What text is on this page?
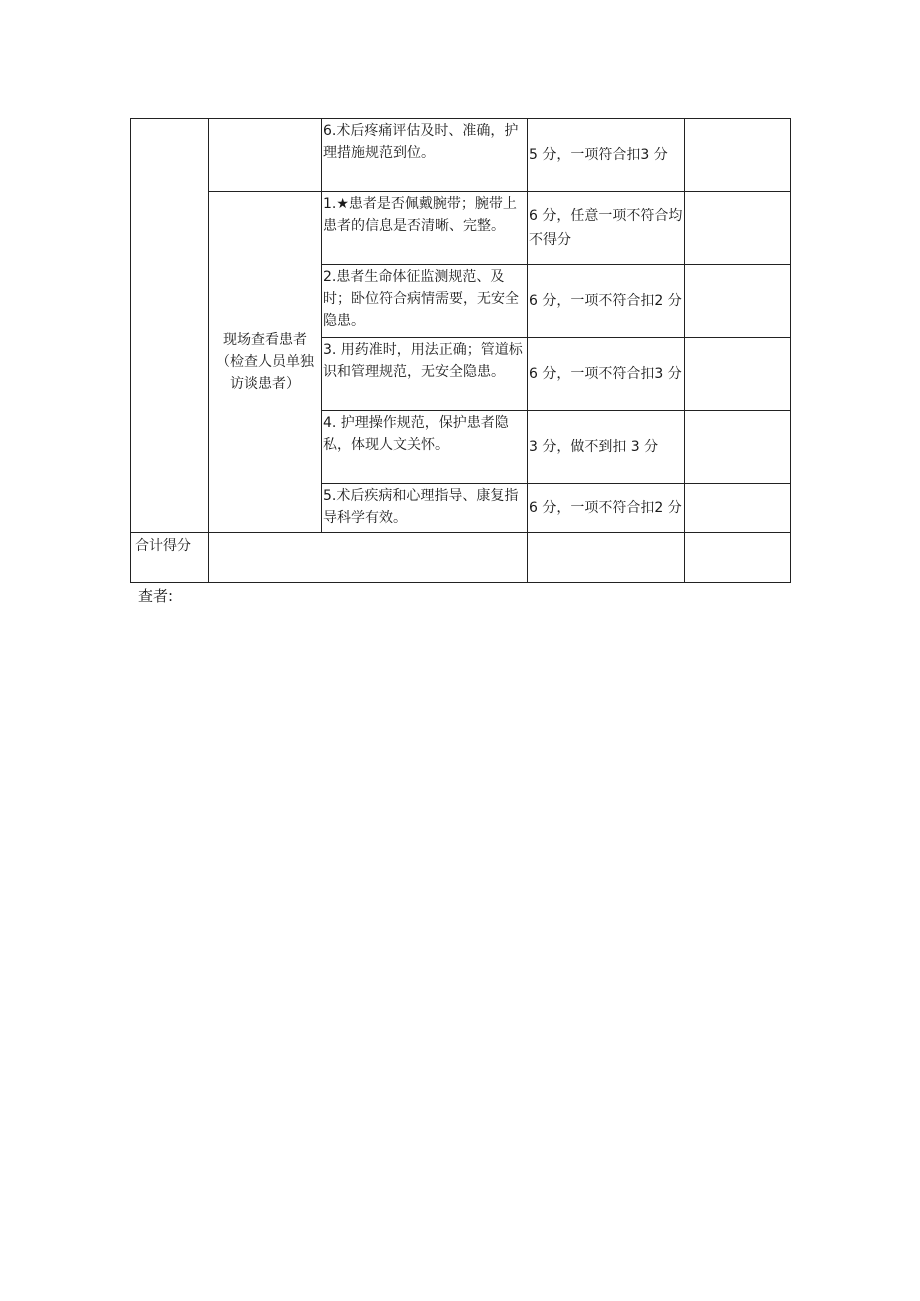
		6.术后疼痛评估及时、准确，护理措施规范到位。	5 分，一项符合扣3 分	
	现场查看患者（检查人员单独访谈患者）	1.★患者是否佩戴腕带；腕带上患者的信息是否清晰、完整。	6 分，任意一项不符合均不得分	
		2.患者生命体征监测规范、及时；卧位符合病情需要，无安全隐患。	6 分，一项不符合扣2 分	
		3. 用药准时，用法正确；管道标识和管理规范，无安全隐患。	6 分，一项不符合扣3 分	
		4. 护理操作规范，保护患者隐私，体现人文关怀。	3 分，做不到扣 3 分	
		5.术后疾病和心理指导、康复指导科学有效。	6 分，一项不符合扣2 分	

合计得分				
查者:
